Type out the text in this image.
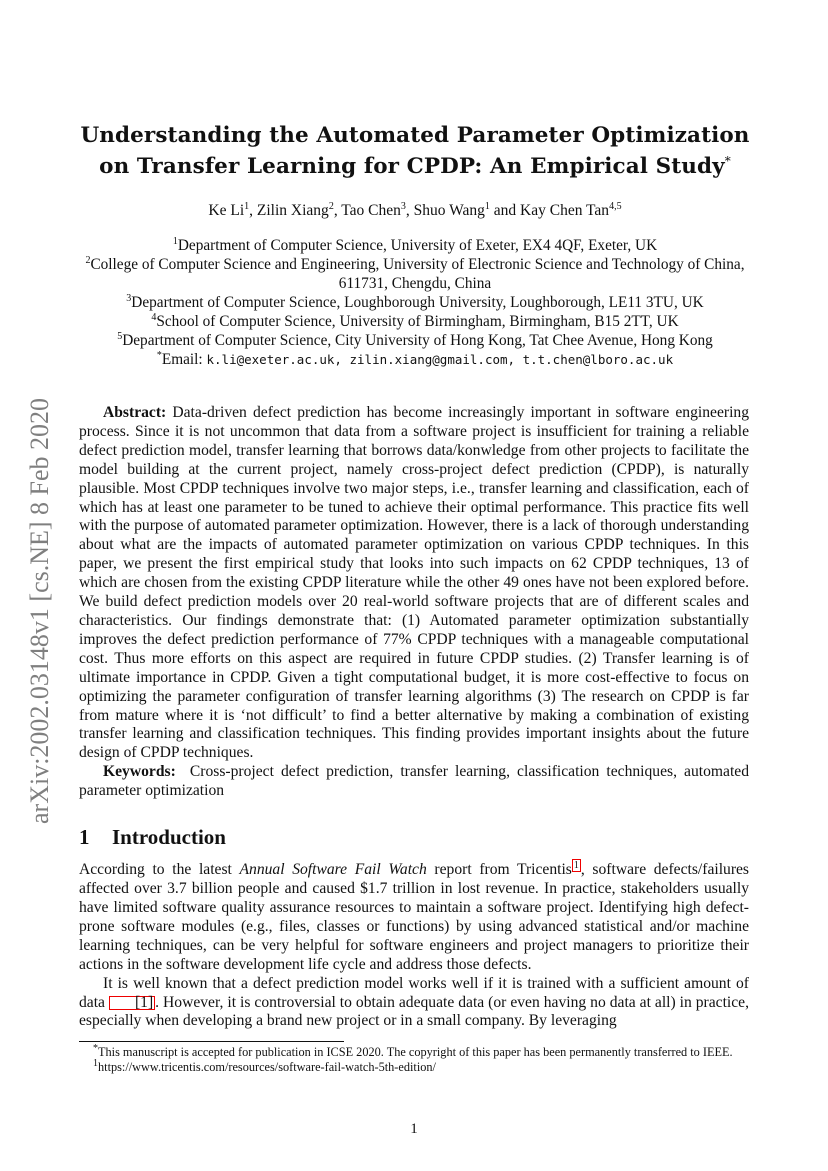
arXiv:2002.03148v1 [cs.NE] 8 Feb 2020
Understanding the Automated Parameter Optimization
on Transfer Learning for CPDP: An Empirical Study*
Ke Li$^1$, Zilin Xiang$^2$, Tao Chen$^3$, Shuo Wang$^1$ and Kay Chen Tan$^{4,5}$
$^1$Department of Computer Science, University of Exeter, EX4 4QF, Exeter, UK
$^2$College of Computer Science and Engineering, University of Electronic Science and Technology of China, 611731, Chengdu, China
$^3$Department of Computer Science, Loughborough University, Loughborough, LE11 3TU, UK
$^4$School of Computer Science, University of Birmingham, Birmingham, B15 2TT, UK
$^5$Department of Computer Science, City University of Hong Kong, Tat Chee Avenue, Hong Kong
*Email: k.li@exeter.ac.uk, zilin.xiang@gmail.com, t.t.chen@lboro.ac.uk

Abstract: Data-driven defect prediction has become increasingly important in software engineering process. Since it is not uncommon that data from a software project is insufficient for training a reliable defect prediction model, transfer learning that borrows data/konwledge from other projects to facilitate the model building at the current project, namely cross-project defect prediction (CPDP), is naturally plausible. Most CPDP techniques involve two major steps, i.e., transfer learning and classification, each of which has at least one parameter to be tuned to achieve their optimal performance. This practice fits well with the purpose of automated parameter optimization. However, there is a lack of thorough understanding about what are the impacts of automated parameter optimization on various CPDP techniques. In this paper, we present the first empirical study that looks into such impacts on 62 CPDP techniques, 13 of which are chosen from the existing CPDP literature while the other 49 ones have not been explored before. We build defect prediction models over 20 real-world software projects that are of different scales and characteristics. Our findings demonstrate that: (1) Automated parameter optimization substantially improves the defect prediction performance of 77% CPDP techniques with a manageable computational cost. Thus more efforts on this aspect are required in future CPDP studies. (2) Transfer learning is of ultimate importance in CPDP. Given a tight computational budget, it is more cost-effective to focus on optimizing the parameter configuration of transfer learning algorithms (3) The research on CPDP is far from mature where it is ‘not difficult’ to find a better alternative by making a combination of existing transfer learning and classification techniques. This finding provides important insights about the future design of CPDP techniques.

Keywords:  Cross-project defect prediction, transfer learning, classification techniques, automated parameter optimization

1 Introduction

According to the latest Annual Software Fail Watch report from Tricentis $^1$ , software defects/failures affected over 3.7 billion people and caused $1.7 trillion in lost revenue. In practice, stakeholders usually have limited software quality assurance resources to maintain a software project. Identifying high defect-prone software modules (e.g., files, classes or functions) by using advanced statistical and/or machine learning techniques, can be very helpful for software engineers and project managers to prioritize their actions in the software development life cycle and address those defects.

It is well known that a defect prediction model works well if it is trained with a sufficient amount of data [1] . However, it is controversial to obtain adequate data (or even having no data at all) in practice, especially when developing a brand new project or in a small company. By leveraging

*This manuscript is accepted for publication in ICSE 2020. The copyright of this paper has been permanently transferred to IEEE.

$^1$https://www.tricentis.com/resources/software-fail-watch-5th-edition/

1
